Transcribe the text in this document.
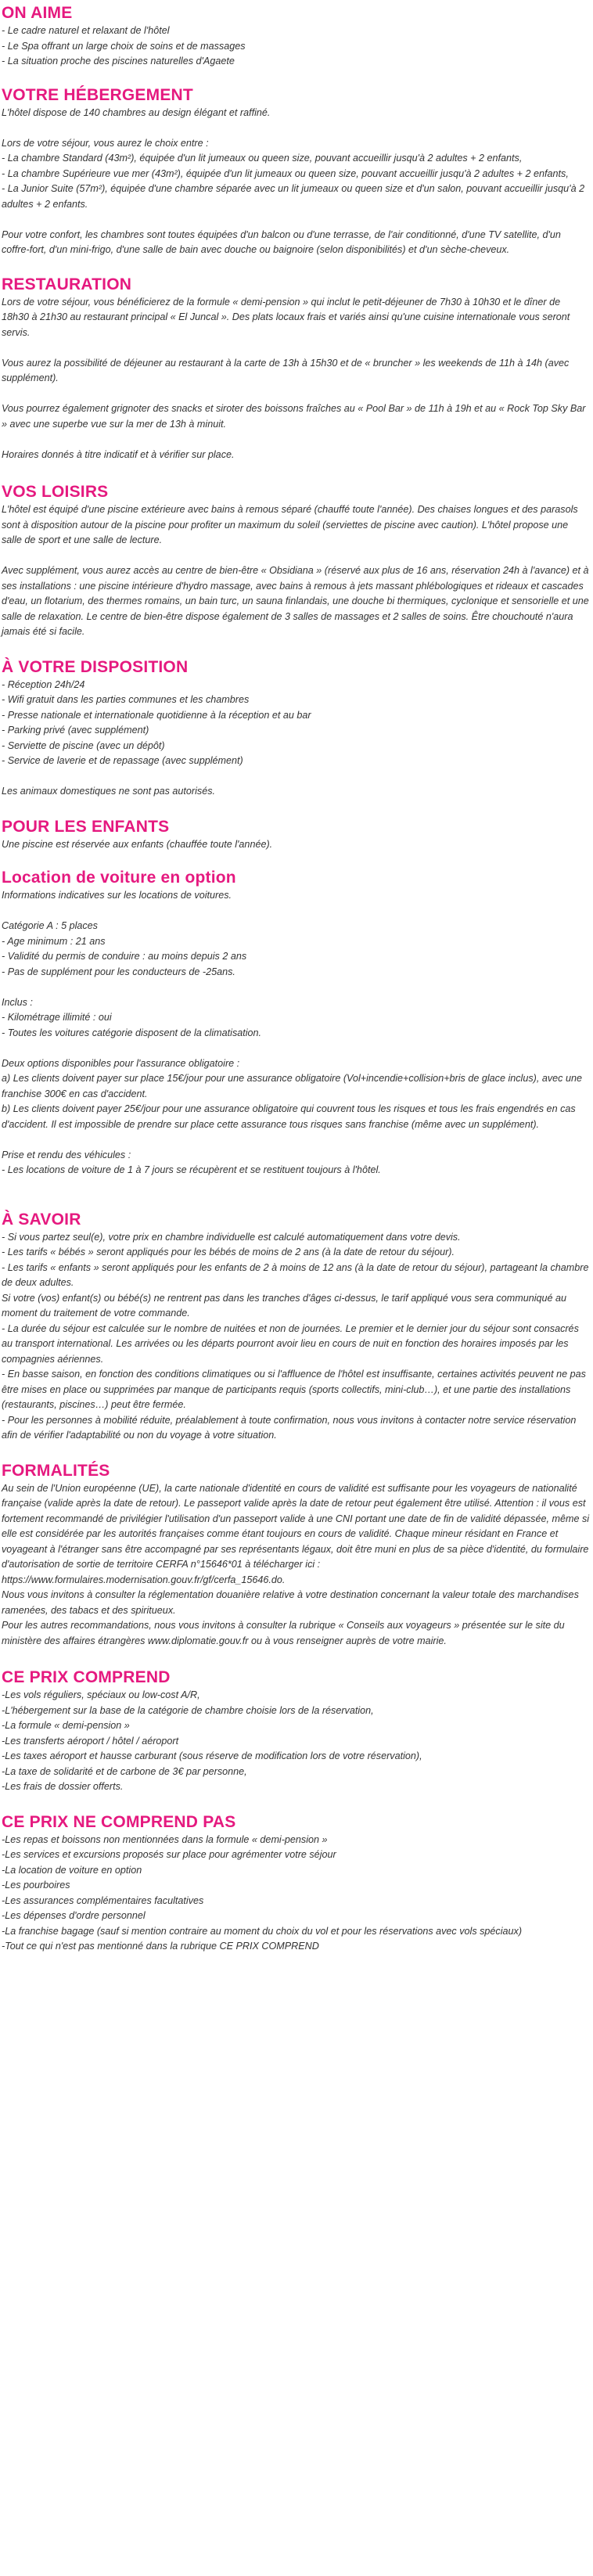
ON AIME
- Le cadre naturel et relaxant de l'hôtel
- Le Spa offrant un large choix de soins et de massages
- La situation proche des piscines naturelles d'Agaete
VOTRE HÉBERGEMENT
L'hôtel dispose de 140 chambres au design élégant et raffiné.
Lors de votre séjour, vous aurez le choix entre :
- La chambre Standard (43m²), équipée d'un lit jumeaux ou queen size, pouvant accueillir jusqu'à 2 adultes + 2 enfants,
- La chambre Supérieure vue mer (43m²), équipée d'un lit jumeaux ou queen size, pouvant accueillir jusqu'à 2 adultes + 2 enfants,
- La Junior Suite (57m²), équipée d'une chambre séparée avec un lit jumeaux ou queen size et d'un salon, pouvant accueillir jusqu'à 2 adultes + 2 enfants.
Pour votre confort, les chambres sont toutes équipées d'un balcon ou d'une terrasse, de l'air conditionné, d'une TV satellite, d'un coffre-fort, d'un mini-frigo, d'une salle de bain avec douche ou baignoire (selon disponibilités) et d'un sèche-cheveux.
RESTAURATION
Lors de votre séjour, vous bénéficierez de la formule « demi-pension » qui inclut le petit-déjeuner de 7h30 à 10h30 et le dîner de 18h30 à 21h30 au restaurant principal « El Juncal ». Des plats locaux frais et variés ainsi qu'une cuisine internationale vous seront servis.
Vous aurez la possibilité de déjeuner au restaurant à la carte de 13h à 15h30 et de « bruncher » les weekends de 11h à 14h (avec supplément).
Vous pourrez également grignoter des snacks et siroter des boissons fraîches au « Pool Bar » de 11h à 19h et au « Rock Top Sky Bar » avec une superbe vue sur la mer de 13h à minuit.
Horaires donnés à titre indicatif et à vérifier sur place.
VOS LOISIRS
L'hôtel est équipé d'une piscine extérieure avec bains à remous séparé (chauffé toute l'année). Des chaises longues et des parasols sont à disposition autour de la piscine pour profiter un maximum du soleil (serviettes de piscine avec caution). L'hôtel propose une salle de sport et une salle de lecture.
Avec supplément, vous aurez accès au centre de bien-être « Obsidiana » (réservé aux plus de 16 ans, réservation 24h à l'avance) et à ses installations : une piscine intérieure d'hydro massage, avec bains à remous à jets massant phlébologiques et rideaux et cascades d'eau, un flotarium, des thermes romains, un bain turc, un sauna finlandais, une douche bi thermiques, cyclonique et sensorielle et une salle de relaxation. Le centre de bien-être dispose également de 3 salles de massages et 2 salles de soins. Être chouchouté n'aura jamais été si facile.
À VOTRE DISPOSITION
- Réception 24h/24
- Wifi gratuit dans les parties communes et les chambres
- Presse nationale et internationale quotidienne à la réception et au bar
- Parking privé (avec supplément)
- Serviette de piscine (avec un dépôt)
- Service de laverie et de repassage (avec supplément)
Les animaux domestiques ne sont pas autorisés.
POUR LES ENFANTS
Une piscine est réservée aux enfants (chauffée toute l'année).
Location de voiture en option
Informations indicatives sur les locations de voitures.
Catégorie A : 5 places
- Age minimum : 21 ans
- Validité du permis de conduire : au moins depuis 2 ans
- Pas de supplément pour les conducteurs de -25ans.
Inclus :
- Kilométrage illimité : oui
- Toutes les voitures catégorie disposent de la climatisation.
Deux options disponibles pour l'assurance obligatoire :
a) Les clients doivent payer sur place 15€/jour pour une assurance obligatoire (Vol+incendie+collision+bris de glace inclus), avec une franchise 300€ en cas d'accident.
b) Les clients doivent payer 25€/jour pour une assurance obligatoire qui couvrent tous les risques et tous les frais engendrés en cas d'accident. Il est impossible de prendre sur place cette assurance tous risques sans franchise (même avec un supplément).
Prise et rendu des véhicules :
- Les locations de voiture de 1 à 7 jours se récupèrent et se restituent toujours à l'hôtel.
À SAVOIR
- Si vous partez seul(e), votre prix en chambre individuelle est calculé automatiquement dans votre devis.
- Les tarifs « bébés » seront appliqués pour les bébés de moins de 2 ans (à la date de retour du séjour).
- Les tarifs « enfants » seront appliqués pour les enfants de 2 à moins de 12 ans (à la date de retour du séjour), partageant la chambre de deux adultes.
Si votre (vos) enfant(s) ou bébé(s) ne rentrent pas dans les tranches d'âges ci-dessus, le tarif appliqué vous sera communiqué au moment du traitement de votre commande.
- La durée du séjour est calculée sur le nombre de nuitées et non de journées. Le premier et le dernier jour du séjour sont consacrés au transport international. Les arrivées ou les départs pourront avoir lieu en cours de nuit en fonction des horaires imposés par les compagnies aériennes.
- En basse saison, en fonction des conditions climatiques ou si l'affluence de l'hôtel est insuffisante, certaines activités peuvent ne pas être mises en place ou supprimées par manque de participants requis (sports collectifs, mini-club…), et une partie des installations (restaurants, piscines…) peut être fermée.
- Pour les personnes à mobilité réduite, préalablement à toute confirmation, nous vous invitons à contacter notre service réservation afin de vérifier l'adaptabilité ou non du voyage à votre situation.
FORMALITÉS
Au sein de l'Union européenne (UE), la carte nationale d'identité en cours de validité est suffisante pour les voyageurs de nationalité française (valide après la date de retour). Le passeport valide après la date de retour peut également être utilisé. Attention : il vous est fortement recommandé de privilégier l'utilisation d'un passeport valide à une CNI portant une date de fin de validité dépassée, même si elle est considérée par les autorités françaises comme étant toujours en cours de validité. Chaque mineur résidant en France et voyageant à l'étranger sans être accompagné par ses représentants légaux, doit être muni en plus de sa pièce d'identité, du formulaire d'autorisation de sortie de territoire CERFA n°15646*01 à télécharger ici :
https://www.formulaires.modernisation.gouv.fr/gf/cerfa_15646.do.
Nous vous invitons à consulter la réglementation douanière relative à votre destination concernant la valeur totale des marchandises ramenées, des tabacs et des spiritueux.
Pour les autres recommandations, nous vous invitons à consulter la rubrique « Conseils aux voyageurs » présentée sur le site du ministère des affaires étrangères www.diplomatie.gouv.fr ou à vous renseigner auprès de votre mairie.
CE PRIX COMPREND
-Les vols réguliers, spéciaux ou low-cost A/R,
-L'hébergement sur la base de la catégorie de chambre choisie lors de la réservation,
-La formule « demi-pension »
-Les transferts aéroport / hôtel / aéroport
-Les taxes aéroport et hausse carburant (sous réserve de modification lors de votre réservation),
-La taxe de solidarité et de carbone de 3€ par personne,
-Les frais de dossier offerts.
CE PRIX NE COMPREND PAS
-Les repas et boissons non mentionnées dans la formule « demi-pension »
-Les services et excursions proposés sur place pour agrémenter votre séjour
-La location de voiture en option
-Les pourboires
-Les assurances complémentaires facultatives
-Les dépenses d'ordre personnel
-La franchise bagage (sauf si mention contraire au moment du choix du vol et pour les réservations avec vols spéciaux)
-Tout ce qui n'est pas mentionné dans la rubrique CE PRIX COMPREND
